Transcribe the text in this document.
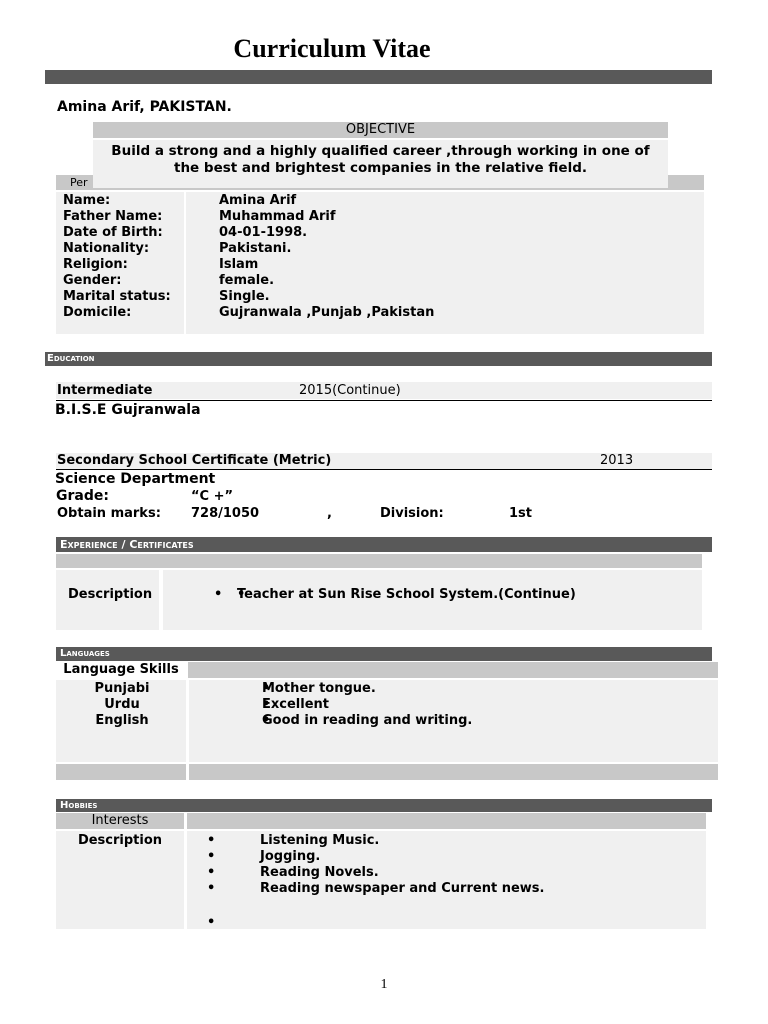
Curriculum Vitae
Amina Arif, PAKISTAN.
Per
Name:
Father Name:
Date of Birth:
Nationality:
Religion:
Gender:
Marital status:
Domicile:
Amina Arif
Muhammad Arif
04-01-1998.
Pakistani.
Islam
female.
Single.
Gujranwala ,Punjab ,Pakistan
OBJECTIVE
Build a strong and a highly qualified career ,through working in one of the best and brightest companies in the relative field.
Education
Intermediate	2015(Continue)
B.I.S.E Gujranwala
Secondary School Certificate (Metric)	2013
Science Department
Grade:	“C +”
Obtain marks: 728/1050	,	Division:	1st
Experience / Certificates
Description
•	Teacher at Sun Rise School System.(Continue)
•
Languages
Language Skills
Punjabi
Urdu
English
• Mother tongue.
• Excellent
• Good in reading and writing.
Hobbies
Interests
Description	•
•
•
•
•
Listening Music.
Jogging.
Reading Novels.
Reading newspaper and Current news.
1
